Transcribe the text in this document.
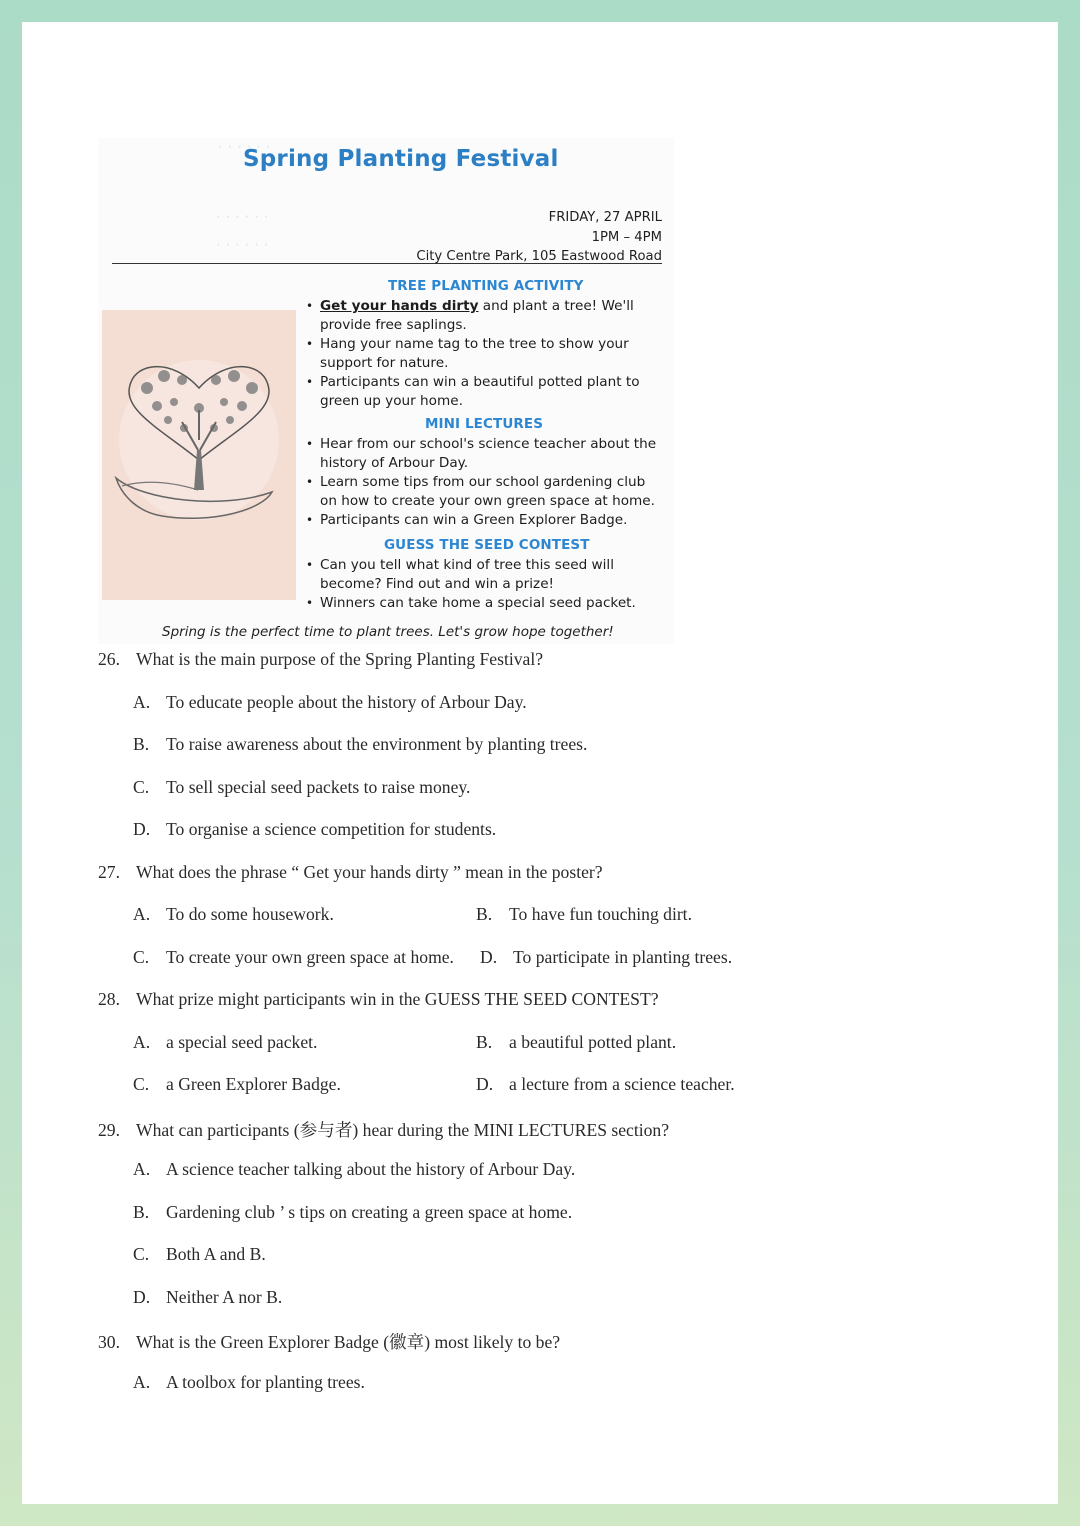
· · · · · ·
· · · · · ·
· · · · · ·
Spring Planting Festival
FRIDAY, 27 APRIL
1PM – 4PM
City Centre Park, 105 Eastwood Road
TREE PLANTING ACTIVITY
• Get your hands dirty and plant a tree! We'll provide free saplings.
• Hang your name tag to the tree to show your support for nature.
• Participants can win a beautiful potted plant to green up your home.
MINI LECTURES
• Hear from our school's science teacher about the history of Arbour Day.
• Learn some tips from our school gardening club on how to create your own green space at home.
• Participants can win a Green Explorer Badge.
GUESS THE SEED CONTEST
• Can you tell what kind of tree this seed will become? Find out and win a prize!
• Winners can take home a special seed packet.
Spring is the perfect time to plant trees. Let's grow hope together!
26. What is the main purpose of the Spring Planting Festival?
A. To educate people about the history of Arbour Day.
B. To raise awareness about the environment by planting trees.
C. To sell special seed packets to raise money.
D. To organise a science competition for students.
27. What does the phrase “ Get your hands dirty ” mean in the poster?
A. To do some housework.	B. To have fun touching dirt.
C. To create your own green space at home. D. To participate in planting trees.
28. What prize might participants win in the GUESS THE SEED CONTEST?
A. a special seed packet.	B. a beautiful potted plant.
C. a Green Explorer Badge.	D. a lecture from a science teacher.
29. What can participants (参与者) hear during the MINI LECTURES section?
A. A science teacher talking about the history of Arbour Day.
B. Gardening club ’ s tips on creating a green space at home.
C. Both A and B.
D. Neither A nor B.
30. What is the Green Explorer Badge (徽章) most likely to be?
A. A toolbox for planting trees.
